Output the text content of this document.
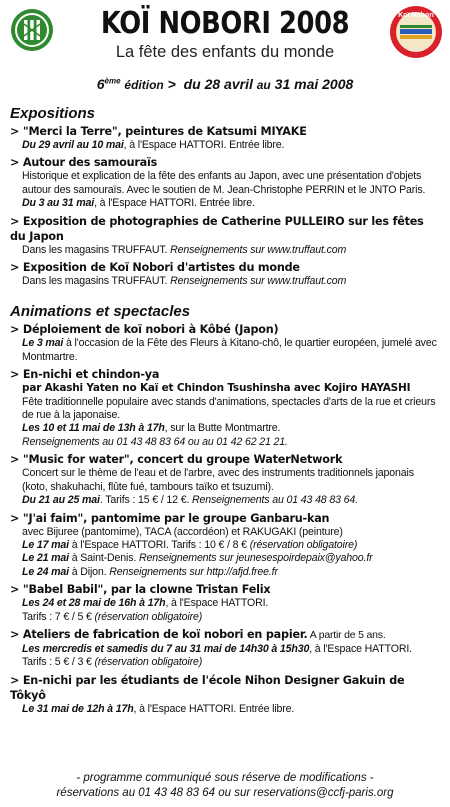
Koï Nobori
KOÏ NOBORI 2008
La fête des enfants du monde
6ème édition > du 28 avril au 31 mai 2008
Expositions
> "Merci la Terre", peintures de Katsumi MIYAKE
Du 29 avril au 10 mai, à l'Espace HATTORI. Entrée libre.
> Autour des samouraïs
Historique et explication de la fête des enfants au Japon, avec une présentation d'objets autour des samouraïs. Avec le soutien de M. Jean-Christophe PERRIN et le JNTO Paris.
Du 3 au 31 mai, à l'Espace HATTORI. Entrée libre.
> Exposition de photographies de Catherine PULLEIRO sur les fêtes du Japon
Dans les magasins TRUFFAUT. Renseignements sur www.truffaut.com
> Exposition de Koï Nobori d'artistes du monde
Dans les magasins TRUFFAUT. Renseignements sur www.truffaut.com
Animations et spectacles
> Déploiement de koï nobori à Kôbé (Japon)
Le 3 mai à l'occasion de la Fête des Fleurs à Kitano-chô, le quartier européen, jumelé avec Montmartre.
> En-nichi et chindon-ya
par Akashi Yaten no Kaï et Chindon Tsushinsha avec Kojiro HAYASHI
Fête traditionnelle populaire avec stands d'animations, spectacles d'arts de la rue et crieurs de rue à la japonaise.
Les 10 et 11 mai de 13h à 17h, sur la Butte Montmartre.
Renseignements au 01 43 48 83 64 ou au 01 42 62 21 21.
> "Music for water", concert du groupe WaterNetwork
Concert sur le thème de l'eau et de l'arbre, avec des instruments traditionnels japonais (koto, shakuhachi, flûte fué, tambours taïko et tsuzumi).
Du 21 au 25 mai. Tarifs : 15 € / 12 €. Renseignements au 01 43 48 83 64.
> "J'ai faim", pantomime par le groupe Ganbaru-kan
avec Bijuree (pantomime), TACA (accordéon) et RAKUGAKI (peinture)
Le 17 mai à l'Espace HATTORI. Tarifs : 10 € / 8 € (réservation obligatoire)
Le 21 mai à Saint-Denis. Renseignements sur jeunesespoirdepaix@yahoo.fr
Le 24 mai à Dijon. Renseignements sur http://afjd.free.fr
> "Babel Babil", par la clowne Tristan Felix
Les 24 et 28 mai de 16h à 17h, à l'Espace HATTORI.
Tarifs : 7 € / 5 € (réservation obligatoire)
> Ateliers de fabrication de koï nobori en papier. A partir de 5 ans.
Les mercredis et samedis du 7 au 31 mai de 14h30 à 15h30, à l'Espace HATTORI.
Tarifs : 5 € / 3 € (réservation obligatoire)
> En-nichi par les étudiants de l'école Nihon Designer Gakuin de Tôkyô
Le 31 mai de 12h à 17h, à l'Espace HATTORI. Entrée libre.
- programme communiqué sous réserve de modifications -
réservations au 01 43 48 83 64 ou sur reservations@ccfj-paris.org
